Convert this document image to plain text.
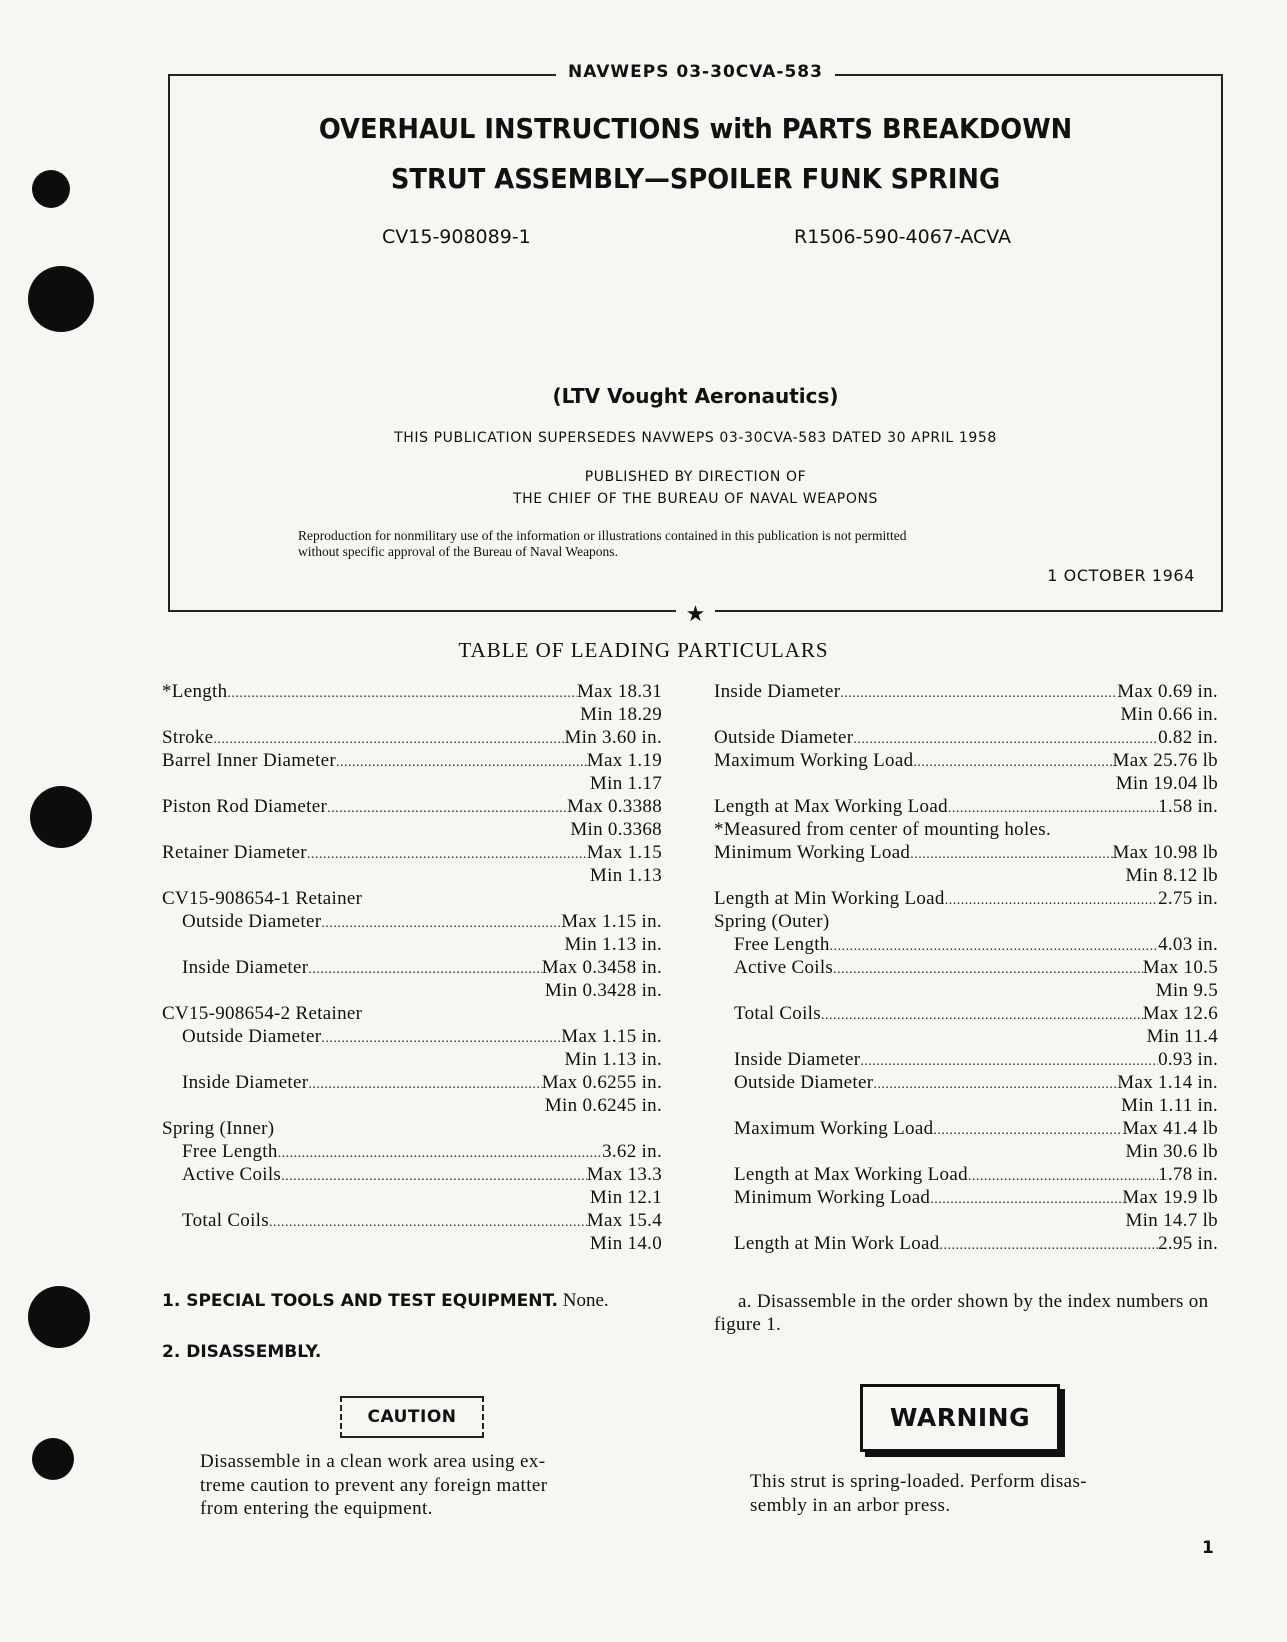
NAVWEPS 03-30CVA-583
OVERHAUL INSTRUCTIONS with PARTS BREAKDOWN
STRUT ASSEMBLY—SPOILER FUNK SPRING
CV15-908089-1	R1506-590-4067-ACVA
(LTV Vought Aeronautics)
THIS PUBLICATION SUPERSEDES NAVWEPS 03-30CVA-583 DATED 30 APRIL 1958
PUBLISHED BY DIRECTION OF
THE CHIEF OF THE BUREAU OF NAVAL WEAPONS
Reproduction for nonmilitary use of the information or illustrations contained in this publication is not permitted
without specific approval of the Bureau of Naval Weapons.
1 OCTOBER 1964
★
TABLE OF LEADING PARTICULARS
*Length .....	Max 18.31
Min 18.29
Stroke .....	Min 3.60 in.
Barrel Inner Diameter .....	Max 1.19
Min 1.17
Piston Rod Diameter .....	Max 0.3388
Min 0.3368
Retainer Diameter .....	Max 1.15
Min 1.13
CV15-908654-1 Retainer
Outside Diameter .....	Max 1.15 in.
Min 1.13 in.
Inside Diameter .....	Max 0.3458 in.
Min 0.3428 in.
CV15-908654-2 Retainer
Outside Diameter .....	Max 1.15 in.
Min 1.13 in.
Inside Diameter .....	Max 0.6255 in.
Min 0.6245 in.
Spring (Inner)
Free Length .....	3.62 in.
Active Coils .....	Max 13.3
Min 12.1
Total Coils .....	Max 15.4
Min 14.0
Inside Diameter .....	Max 0.69 in.
Min 0.66 in.
Outside Diameter .....	0.82 in.
Maximum Working Load .....	Max 25.76 lb
Min 19.04 lb
Length at Max Working Load .....	1.58 in.
*Measured from center of mounting holes.
Minimum Working Load .....	Max 10.98 lb
Min 8.12 lb
Length at Min Working Load .....	2.75 in.
Spring (Outer)
Free Length .....	4.03 in.
Active Coils .....	Max 10.5
Min 9.5
Total Coils .....	Max 12.6
Min 11.4
Inside Diameter .....	0.93 in.
Outside Diameter .....	Max 1.14 in.
Min 1.11 in.
Maximum Working Load .....	Max 41.4 lb
Min 30.6 lb
Length at Max Working Load .....	1.78 in.
Minimum Working Load .....	Max 19.9 lb
Min 14.7 lb
Length at Min Work Load .....	2.95 in.
1. SPECIAL TOOLS AND TEST EQUIPMENT. None.
2. DISASSEMBLY.
a. Disassemble in the order shown by the index numbers on figure 1.
CAUTION
Disassemble in a clean work area using ex-
treme caution to prevent any foreign matter
from entering the equipment.
WARNING
This strut is spring-loaded. Perform disas-
sembly in an arbor press.
1
